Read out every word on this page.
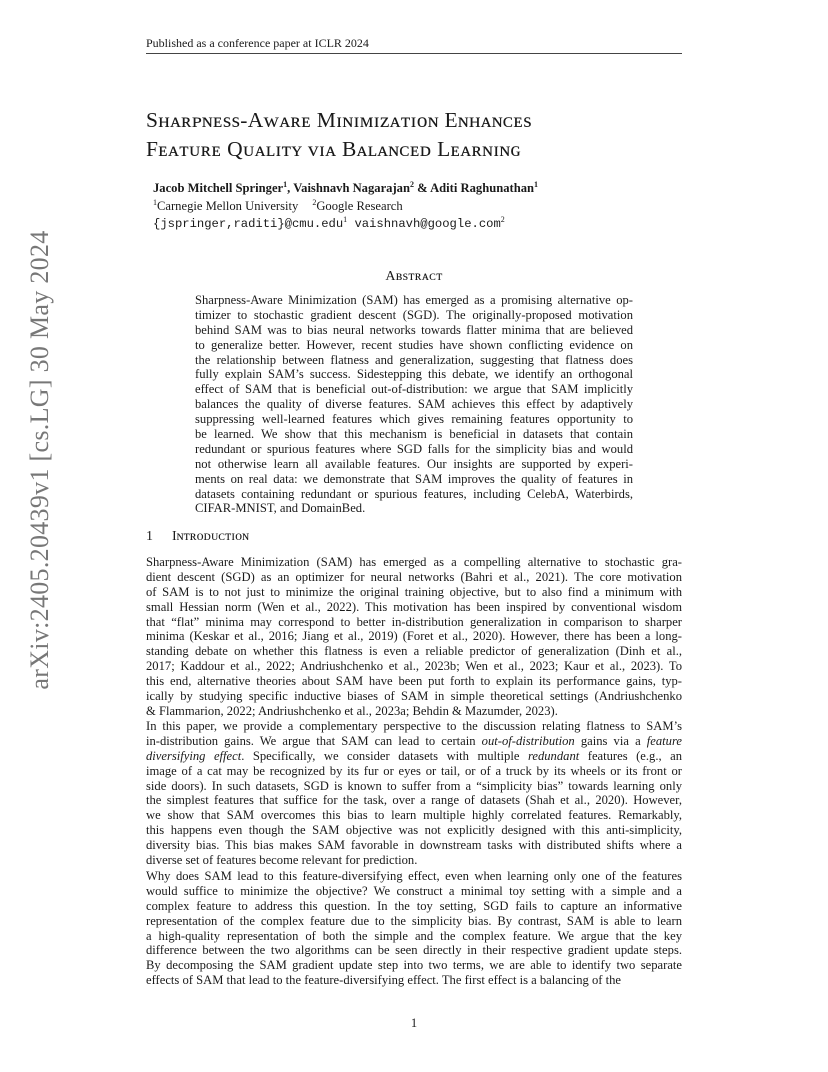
Published as a conference paper at ICLR 2024
arXiv:2405.20439v1 [cs.LG] 30 May 2024
Sʜᴀʀᴘɴᴇss-Aᴡᴀʀᴇ Mɪɴɪᴍɪᴢᴀᴛɪᴏɴ Eɴʜᴀɴᴄᴇs
Fᴇᴀᴛᴜʀᴇ Qᴜᴀʟɪᴛʏ ᴠɪᴀ Bᴀʟᴀɴᴄᴇᴅ Lᴇᴀʀɴɪɴɢ
Jacob Mitchell Springer$^1$, Vaishnavh Nagarajan$^2$ & Aditi Raghunathan$^1$
$^1$Carnegie Mellon University $^2$Google Research
{jspringer,raditi}@cmu.edu$^1$ vaishnavh@google.com$^2$
Aʙsᴛʀᴀᴄᴛ
Sharpness-Aware Minimization (SAM) has emerged as a promising alternative op-
timizer to stochastic gradient descent (SGD). The originally-proposed motivation
behind SAM was to bias neural networks towards flatter minima that are believed
to generalize better. However, recent studies have shown conflicting evidence on
the relationship between flatness and generalization, suggesting that flatness does
fully explain SAM’s success. Sidestepping this debate, we identify an orthogonal
effect of SAM that is beneficial out-of-distribution: we argue that SAM implicitly
balances the quality of diverse features. SAM achieves this effect by adaptively
suppressing well-learned features which gives remaining features opportunity to
be learned. We show that this mechanism is beneficial in datasets that contain
redundant or spurious features where SGD falls for the simplicity bias and would
not otherwise learn all available features. Our insights are supported by experi-
ments on real data: we demonstrate that SAM improves the quality of features in
datasets containing redundant or spurious features, including CelebA, Waterbirds,
CIFAR-MNIST, and DomainBed.
1 Iɴᴛʀᴏᴅᴜᴄᴛɪᴏɴ
Sharpness-Aware Minimization (SAM) has emerged as a compelling alternative to stochastic gra-
dient descent (SGD) as an optimizer for neural networks (Bahri et al., 2021). The core motivation
of SAM is to not just to minimize the original training objective, but to also find a minimum with
small Hessian norm (Wen et al., 2022). This motivation has been inspired by conventional wisdom
that “flat” minima may correspond to better in-distribution generalization in comparison to sharper
minima (Keskar et al., 2016; Jiang et al., 2019) (Foret et al., 2020). However, there has been a long-
standing debate on whether this flatness is even a reliable predictor of generalization (Dinh et al.,
2017; Kaddour et al., 2022; Andriushchenko et al., 2023b; Wen et al., 2023; Kaur et al., 2023). To
this end, alternative theories about SAM have been put forth to explain its performance gains, typ-
ically by studying specific inductive biases of SAM in simple theoretical settings (Andriushchenko
& Flammarion, 2022; Andriushchenko et al., 2023a; Behdin & Mazumder, 2023).
In this paper, we provide a complementary perspective to the discussion relating flatness to SAM’s
in-distribution gains. We argue that SAM can lead to certain out-of-distribution gains via a feature
diversifying effect. Specifically, we consider datasets with multiple redundant features (e.g., an
image of a cat may be recognized by its fur or eyes or tail, or of a truck by its wheels or its front or
side doors). In such datasets, SGD is known to suffer from a “simplicity bias” towards learning only
the simplest features that suffice for the task, over a range of datasets (Shah et al., 2020). However,
we show that SAM overcomes this bias to learn multiple highly correlated features. Remarkably,
this happens even though the SAM objective was not explicitly designed with this anti-simplicity,
diversity bias. This bias makes SAM favorable in downstream tasks with distributed shifts where a
diverse set of features become relevant for prediction.
Why does SAM lead to this feature-diversifying effect, even when learning only one of the features
would suffice to minimize the objective? We construct a minimal toy setting with a simple and a
complex feature to address this question. In the toy setting, SGD fails to capture an informative
representation of the complex feature due to the simplicity bias. By contrast, SAM is able to learn
a high-quality representation of both the simple and the complex feature. We argue that the key
difference between the two algorithms can be seen directly in their respective gradient update steps.
By decomposing the SAM gradient update step into two terms, we are able to identify two separate
effects of SAM that lead to the feature-diversifying effect. The first effect is a balancing of the
1
